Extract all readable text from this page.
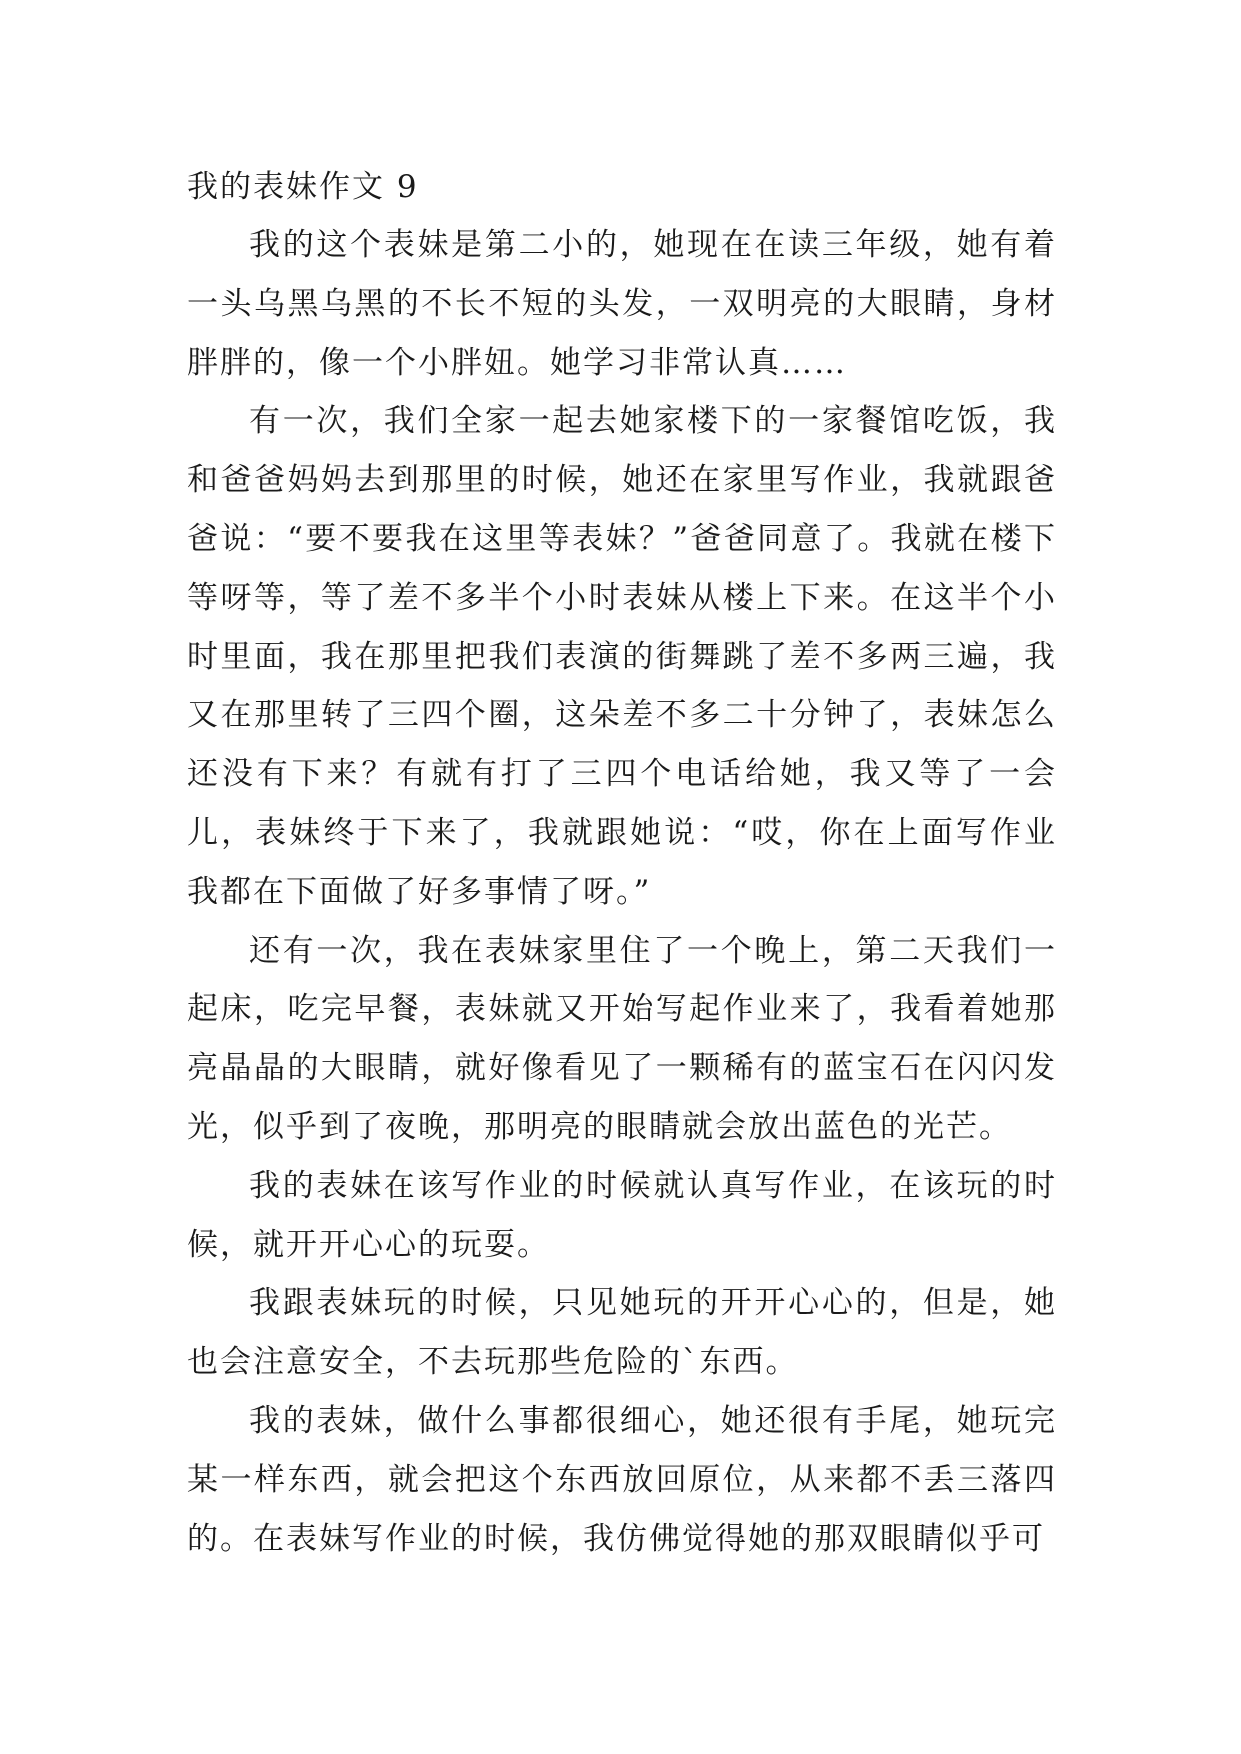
我的表妹作文 9

我的这个表妹是第二小的，她现在在读三年级，她有着一头乌黑乌黑的不长不短的头发，一双明亮的大眼睛，身材胖胖的，像一个小胖妞。她学习非常认真……

有一次，我们全家一起去她家楼下的一家餐馆吃饭，我和爸爸妈妈去到那里的时候，她还在家里写作业，我就跟爸爸说：“要不要我在这里等表妹？”爸爸同意了。我就在楼下等呀等，等了差不多半个小时表妹从楼上下来。在这半个小时里面，我在那里把我们表演的街舞跳了差不多两三遍，我又在那里转了三四个圈，这朵差不多二十分钟了，表妹怎么还没有下来？有就有打了三四个电话给她，我又等了一会儿，表妹终于下来了，我就跟她说：“哎，你在上面写作业我都在下面做了好多事情了呀。”

还有一次，我在表妹家里住了一个晚上，第二天我们一起床，吃完早餐，表妹就又开始写起作业来了，我看着她那亮晶晶的大眼睛，就好像看见了一颗稀有的蓝宝石在闪闪发光，似乎到了夜晚，那明亮的眼睛就会放出蓝色的光芒。

我的表妹在该写作业的时候就认真写作业，在该玩的时候，就开开心心的玩耍。

我跟表妹玩的时候，只见她玩的开开心心的，但是，她也会注意安全，不去玩那些危险的`东西。

我的表妹，做什么事都很细心，她还很有手尾，她玩完某一样东西，就会把这个东西放回原位，从来都不丢三落四的。在表妹写作业的时候，我仿佛觉得她的那双眼睛似乎可
